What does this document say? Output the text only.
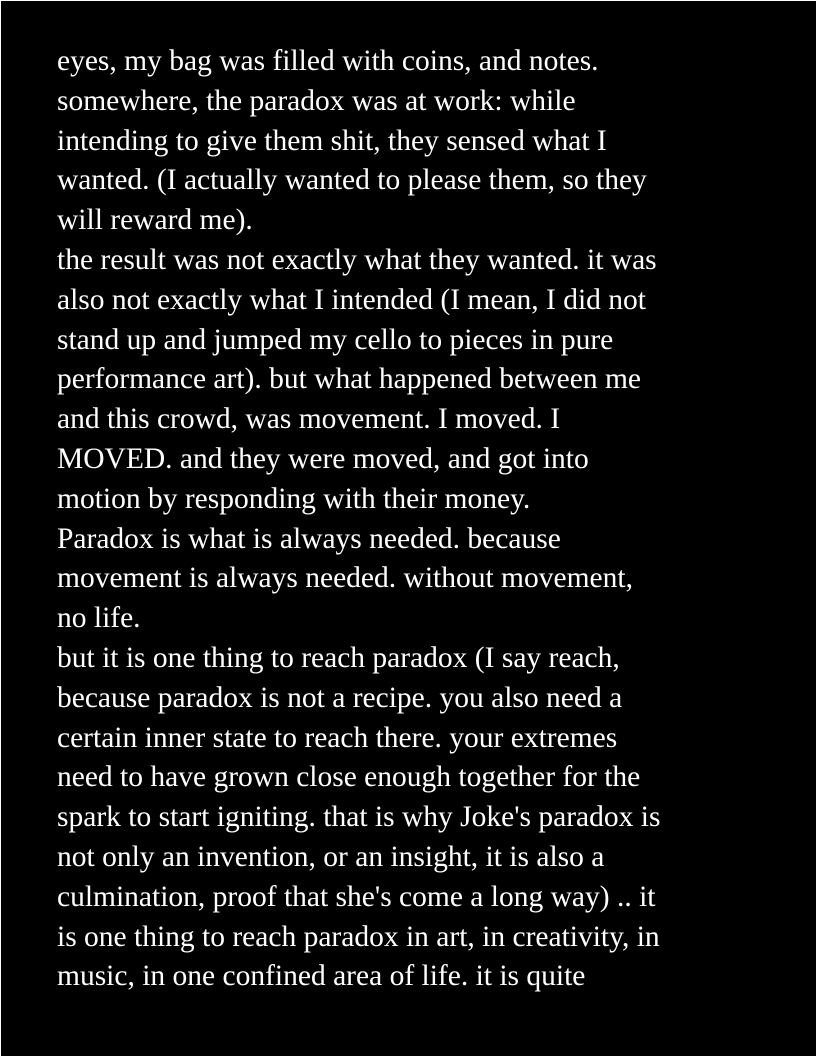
eyes, my bag was filled with coins, and notes.
somewhere, the paradox was at work: while
intending to give them shit, they sensed what I
wanted. (I actually wanted to please them, so they
will reward me).
the result was not exactly what they wanted. it was
also not exactly what I intended (I mean, I did not
stand up and jumped my cello to pieces in pure
performance art). but what happened between me
and this crowd, was movement. I moved. I
MOVED. and they were moved, and got into
motion by responding with their money.
Paradox is what is always needed. because
movement is always needed. without movement,
no life.
but it is one thing to reach paradox (I say reach,
because paradox is not a recipe. you also need a
certain inner state to reach there. your extremes
need to have grown close enough together for the
spark to start igniting. that is why Joke's paradox is
not only an invention, or an insight, it is also a
culmination, proof that she's come a long way) .. it
is one thing to reach paradox in art, in creativity, in
music, in one confined area of life. it is quite
